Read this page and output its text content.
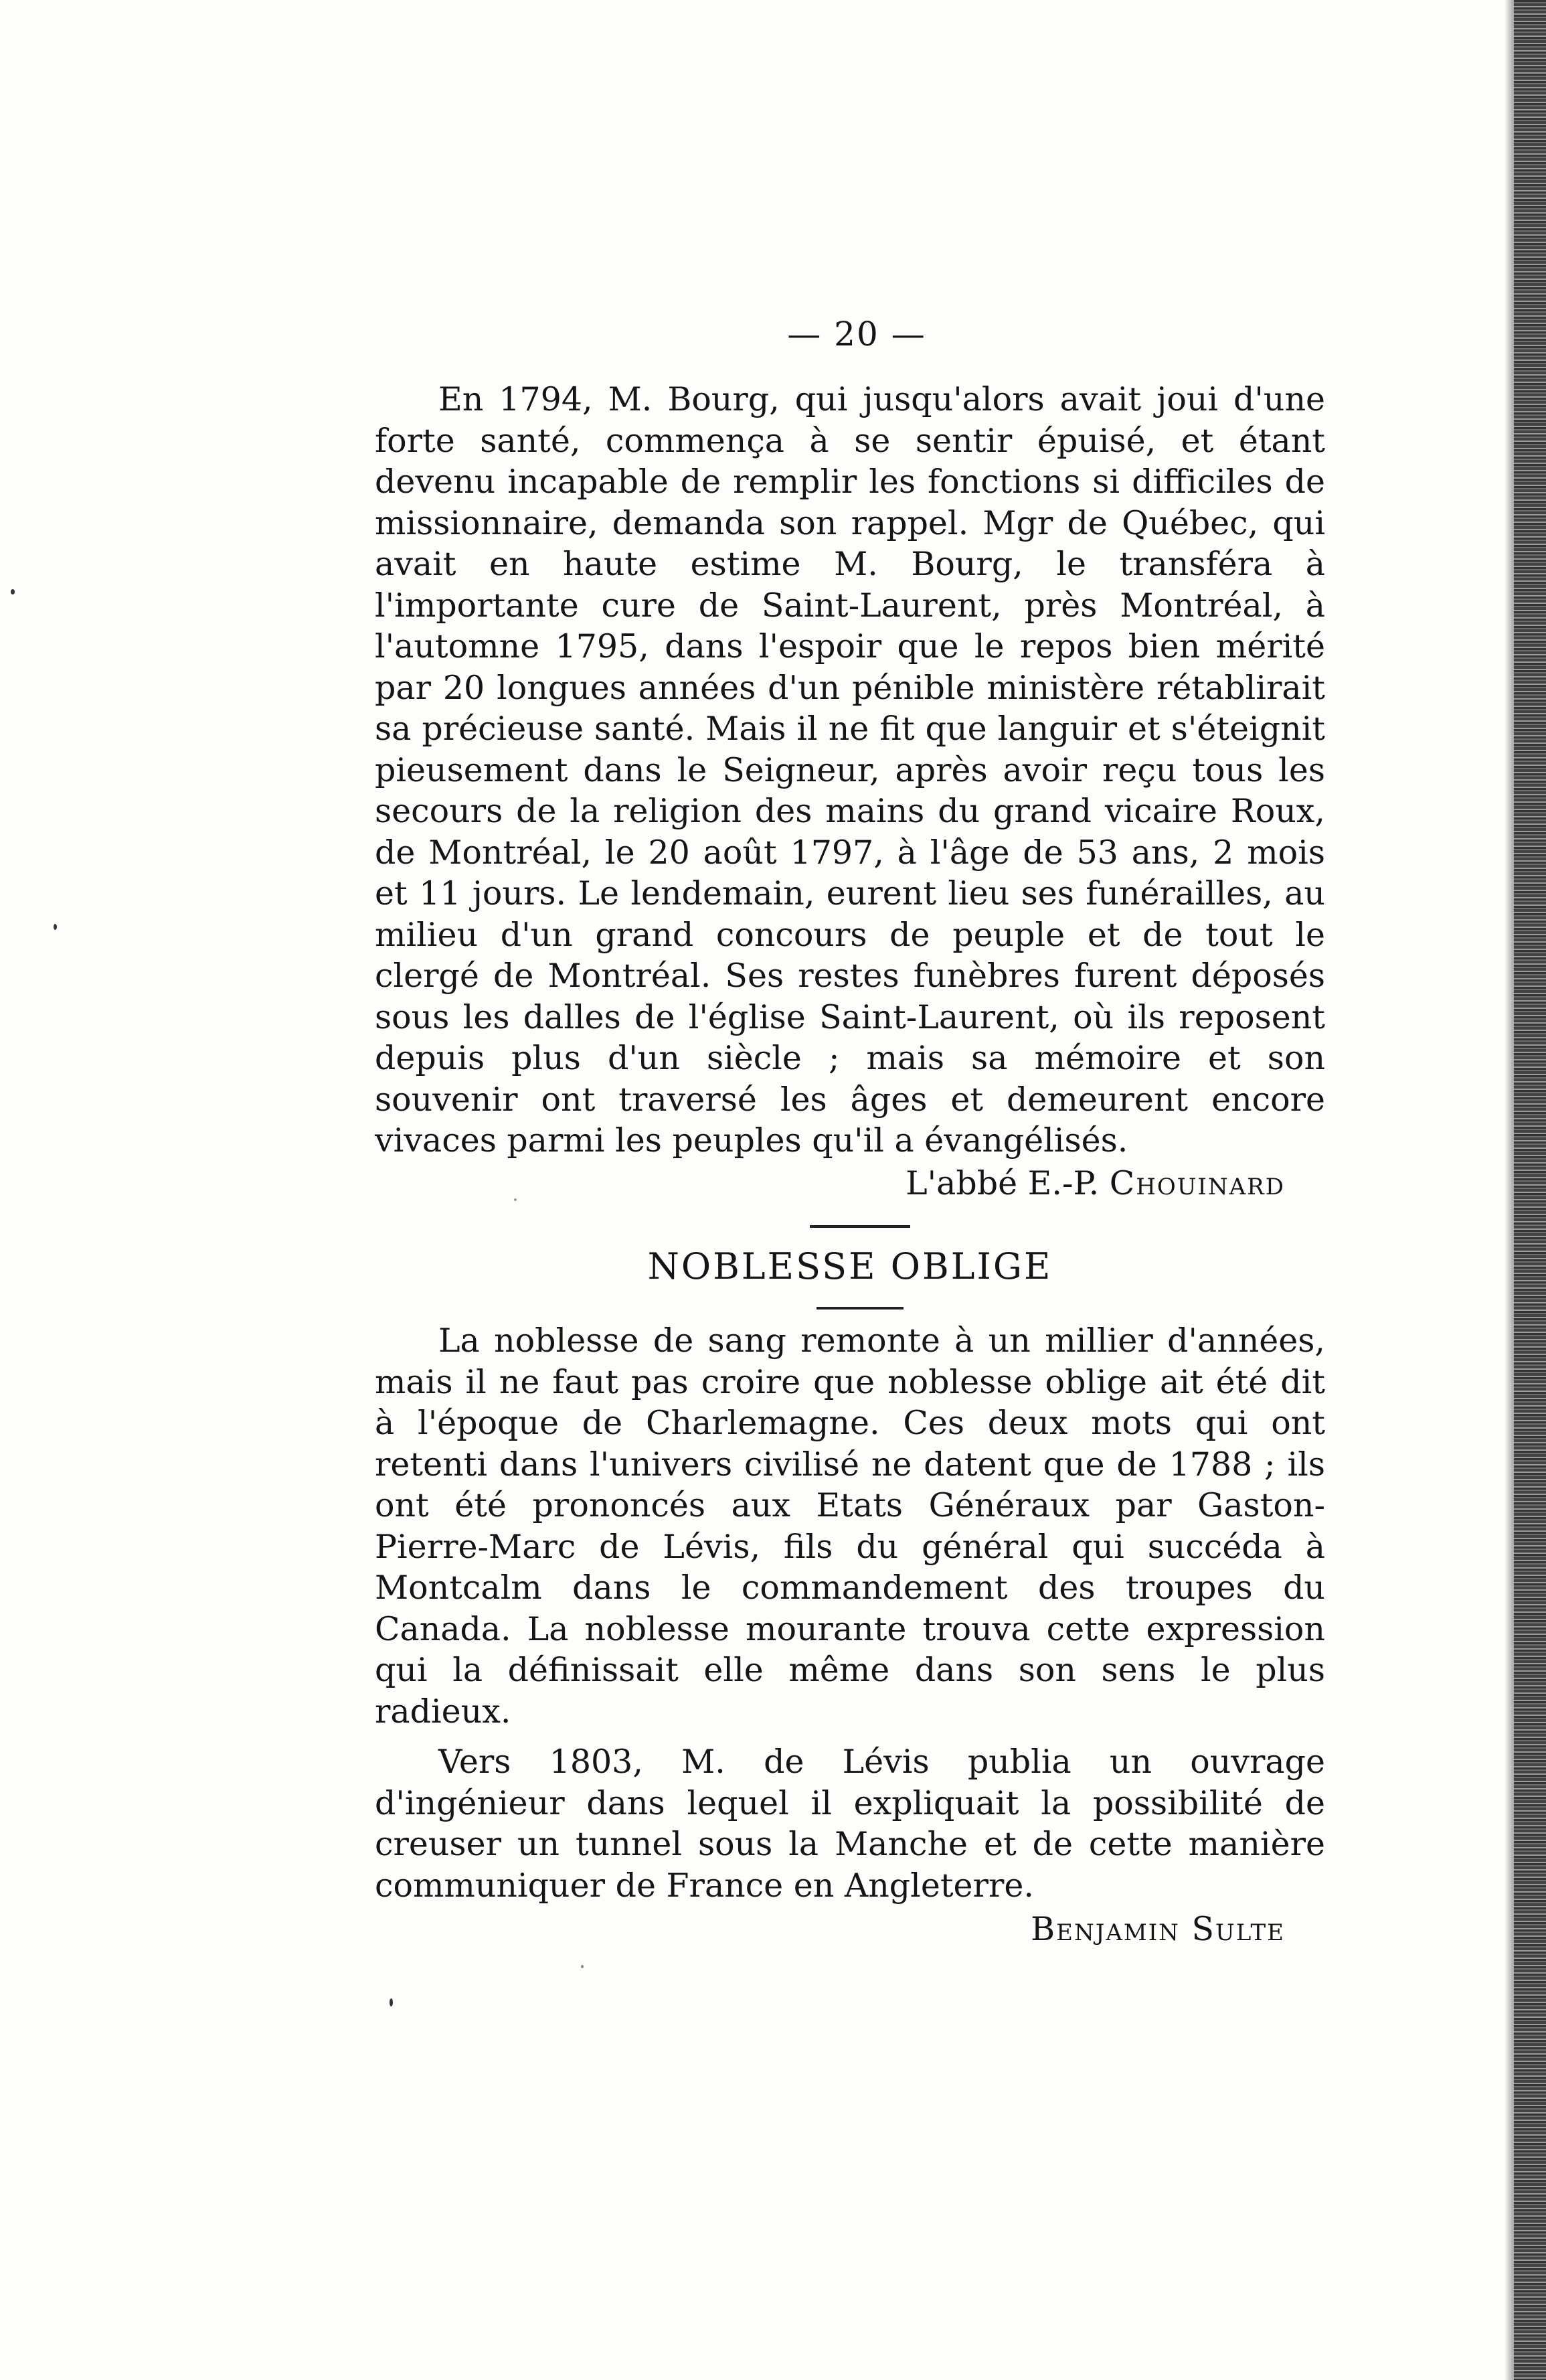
— 20 —

En 1794, M. Bourg, qui jusqu'alors avait joui d'une forte santé, commença à se sentir épuisé, et étant devenu incapable de remplir les fonctions si difficiles de missionnaire, demanda son rappel. Mgr de Québec, qui avait en haute estime M. Bourg, le transféra à l'importante cure de Saint-Laurent, près Montréal, à l'automne 1795, dans l'espoir que le repos bien mérité par 20 longues années d'un pénible ministère rétablirait sa précieuse santé. Mais il ne fit que languir et s'éteignit pieusement dans le Seigneur, après avoir reçu tous les secours de la religion des mains du grand vicaire Roux, de Montréal, le 20 août 1797, à l'âge de 53 ans, 2 mois et 11 jours. Le lendemain, eurent lieu ses funérailles, au milieu d'un grand concours de peuple et de tout le clergé de Montréal. Ses restes funèbres furent déposés sous les dalles de l'église Saint-Laurent, où ils reposent depuis plus d'un siècle ; mais sa mémoire et son souvenir ont traversé les âges et demeurent encore vivaces parmi les peuples qu'il a évangélisés.

L'abbé E.-P. Chouinard

NOBLESSE OBLIGE

La noblesse de sang remonte à un millier d'années, mais il ne faut pas croire que noblesse oblige ait été dit à l'époque de Charlemagne. Ces deux mots qui ont retenti dans l'univers civilisé ne datent que de 1788 ; ils ont été prononcés aux Etats Généraux par Gaston-Pierre-Marc de Lévis, fils du général qui succéda à Montcalm dans le commandement des troupes du Canada. La noblesse mourante trouva cette expression qui la définissait elle même dans son sens le plus radieux.

Vers 1803, M. de Lévis publia un ouvrage d'ingénieur dans lequel il expliquait la possibilité de creuser un tunnel sous la Manche et de cette manière communiquer de France en Angleterre.
Benjamin Sulte
